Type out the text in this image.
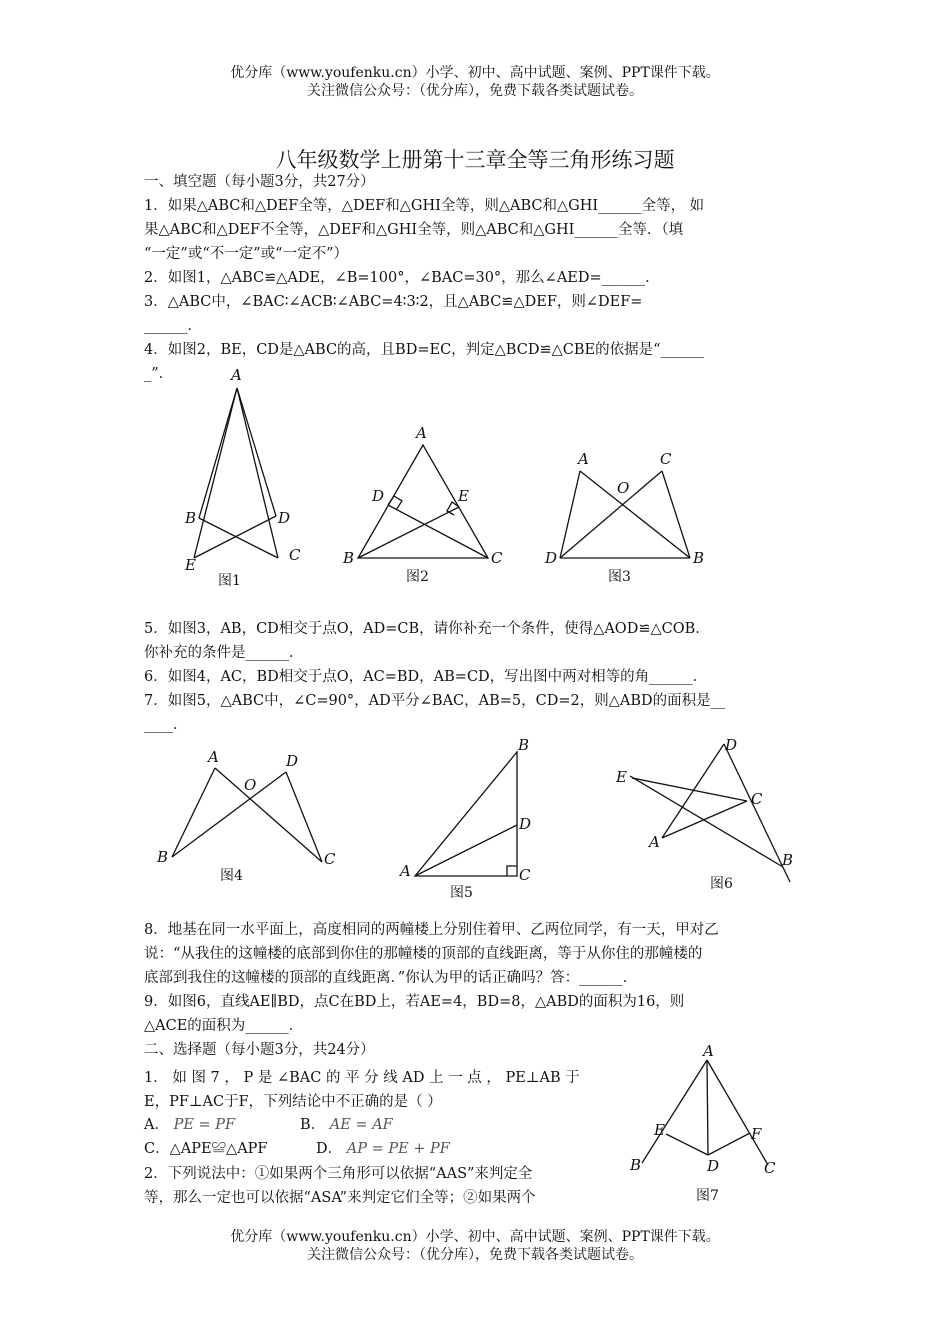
优分库（www.youfenku.cn）小学、初中、高中试题、案例、PPT课件下载。
关注微信公众号：（优分库），免费下载各类试题试卷。
八年级数学上册第十三章全等三角形练习题
一、填空题（每小题3分，共27分）
1．如果△ABC和△DEF全等，△DEF和△GHI全等，则△ABC和△GHI______全等， 如
果△ABC和△DEF不全等，△DEF和△GHI全等，则△ABC和△GHI______全等．（填
“一定”或“不一定”或“一定不”）
2．如图1，△ABC≌△ADE，∠B=100°，∠BAC=30°，那么∠AED=______．
3．△ABC中，∠BAC∶∠ACB∶∠ABC=4∶3∶2，且△ABC≌△DEF，则∠DEF=
______．
4．如图2，BE，CD是△ABC的高，且BD=EC，判定△BCD≌△CBE的依据是“______
_”．	A
B	D
E
C
图1
A
D	E
B	C
图2
A	C
O
D	B
图3
5．如图3，AB，CD相交于点O，AD=CB，请你补充一个条件，使得△AOD≌△COB．
你补充的条件是______．
6．如图4，AC，BD相交于点O，AC=BD，AB=CD，写出图中两对相等的角______．
7．如图5，△ABC中，∠C=90°，AD平分∠BAC，AB=5，CD=2，则△ABD的面积是__
____．
A	D
O
B	C
图4
B
D
A	C
图5
D
E
C
A
B
图6
8．地基在同一水平面上，高度相同的两幢楼上分别住着甲、乙两位同学，有一天，甲对乙
说：“从我住的这幢楼的底部到你住的那幢楼的顶部的直线距离，等于从你住的那幢楼的
底部到我住的这幢楼的顶部的直线距离．”你认为甲的话正确吗？答：______．
9．如图6，直线AE∥BD，点C在BD上，若AE=4，BD=8，△ABD的面积为16，则
△ACE的面积为______．
二、选择题（每小题3分，共24分）
1． 如 图 7 ， P 是 ∠BAC 的 平 分 线 AD 上 一 点 ， PE⊥AB 于
E，PF⊥AC于F，下列结论中不正确的是（ ）
A． PE = PF	B． AE = AF
C．△APE≌△APF	D． AP = PE + PF
2．下列说法中：①如果两个三角形可以依据“AAS”来判定全
等，那么一定也可以依据“ASA”来判定它们全等；②如果两个
A
E	F
B	D	C
图7
优分库（www.youfenku.cn）小学、初中、高中试题、案例、PPT课件下载。
关注微信公众号：（优分库），免费下载各类试题试卷。
